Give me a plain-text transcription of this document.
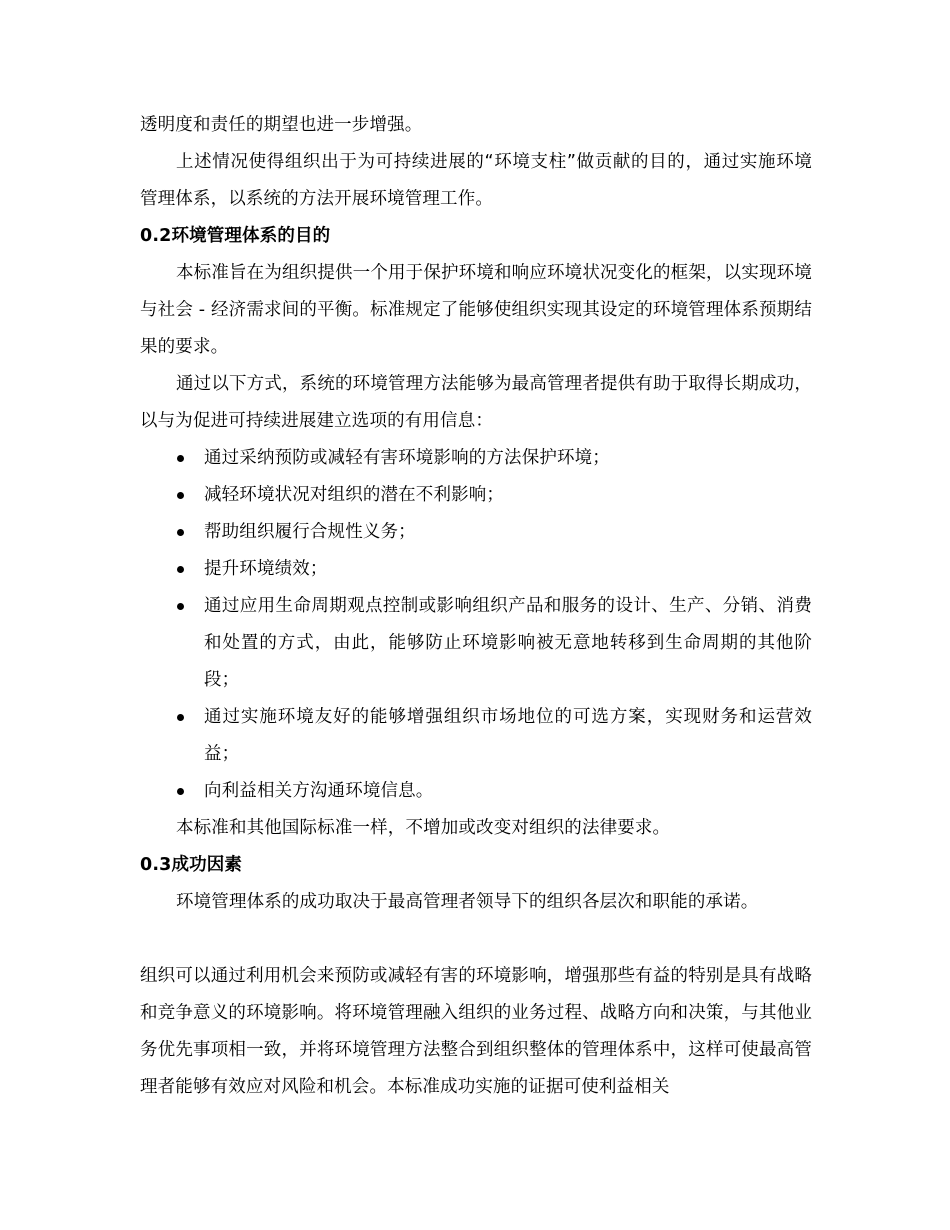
透明度和责任的期望也进一步增强。

上述情况使得组织出于为可持续进展的“环境支柱”做贡献的目的，通过实施环境管理体系，以系统的方法开展环境管理工作。

0.2环境管理体系的目的

本标准旨在为组织提供一个用于保护环境和响应环境状况变化的框架，以实现环境与社会 - 经济需求间的平衡。标准规定了能够使组织实现其设定的环境管理体系预期结果的要求。

通过以下方式，系统的环境管理方法能够为最高管理者提供有助于取得长期成功，以与为促进可持续进展建立选项的有用信息：

通过采纳预防或减轻有害环境影响的方法保护环境；
减轻环境状况对组织的潜在不利影响；
帮助组织履行合规性义务；
提升环境绩效；
通过应用生命周期观点控制或影响组织产品和服务的设计、生产、分销、消费和处置的方式，由此，能够防止环境影响被无意地转移到生命周期的其他阶段；
通过实施环境友好的能够增强组织市场地位的可选方案，实现财务和运营效益；
向利益相关方沟通环境信息。

本标准和其他国际标准一样，不增加或改变对组织的法律要求。

0.3成功因素

环境管理体系的成功取决于最高管理者领导下的组织各层次和职能的承诺。

组织可以通过利用机会来预防或减轻有害的环境影响，增强那些有益的特别是具有战略和竞争意义的环境影响。将环境管理融入组织的业务过程、战略方向和决策，与其他业务优先事项相一致，并将环境管理方法整合到组织整体的管理体系中，这样可使最高管理者能够有效应对风险和机会。本标准成功实施的证据可使利益相关
